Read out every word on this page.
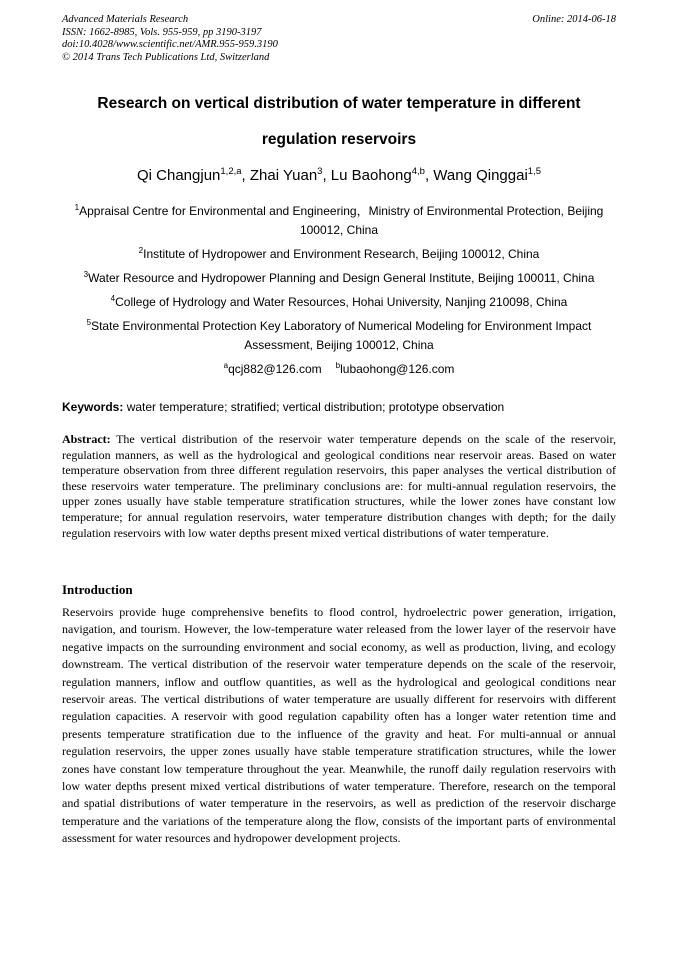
Advanced Materials Research
ISSN: 1662-8985, Vols. 955-959, pp 3190-3197
doi:10.4028/www.scientific.net/AMR.955-959.3190
© 2014 Trans Tech Publications Ltd, Switzerland
Online: 2014-06-18
Research on vertical distribution of water temperature in different regulation reservoirs
Qi Changjun$^{1,2,a}$, Zhai Yuan$^3$, Lu Baohong$^{4,b}$, Wang Qinggai$^{1,5}$
$^1$Appraisal Centre for Environmental and Engineering，Ministry of Environmental Protection, Beijing 100012, China
$^2$Institute of Hydropower and Environment Research, Beijing 100012, China
$^3$Water Resource and Hydropower Planning and Design General Institute, Beijing 100011, China
$^4$College of Hydrology and Water Resources, Hohai University, Nanjing 210098, China
$^5$State Environmental Protection Key Laboratory of Numerical Modeling for Environment Impact Assessment, Beijing 100012, China
$^a$qcj882@126.com $^b$lubaohong@126.com
Keywords: water temperature; stratified; vertical distribution; prototype observation
Abstract: The vertical distribution of the reservoir water temperature depends on the scale of the reservoir, regulation manners, as well as the hydrological and geological conditions near reservoir areas. Based on water temperature observation from three different regulation reservoirs, this paper analyses the vertical distribution of these reservoirs water temperature. The preliminary conclusions are: for multi-annual regulation reservoirs, the upper zones usually have stable temperature stratification structures, while the lower zones have constant low temperature; for annual regulation reservoirs, water temperature distribution changes with depth; for the daily regulation reservoirs with low water depths present mixed vertical distributions of water temperature.
Introduction
Reservoirs provide huge comprehensive benefits to flood control, hydroelectric power generation, irrigation, navigation, and tourism. However, the low-temperature water released from the lower layer of the reservoir have negative impacts on the surrounding environment and social economy, as well as production, living, and ecology downstream. The vertical distribution of the reservoir water temperature depends on the scale of the reservoir, regulation manners, inflow and outflow quantities, as well as the hydrological and geological conditions near reservoir areas. The vertical distributions of water temperature are usually different for reservoirs with different regulation capacities. A reservoir with good regulation capability often has a longer water retention time and presents temperature stratification due to the influence of the gravity and heat. For multi-annual or annual regulation reservoirs, the upper zones usually have stable temperature stratification structures, while the lower zones have constant low temperature throughout the year. Meanwhile, the runoff daily regulation reservoirs with low water depths present mixed vertical distributions of water temperature. Therefore, research on the temporal and spatial distributions of water temperature in the reservoirs, as well as prediction of the reservoir discharge temperature and the variations of the temperature along the flow, consists of the important parts of environmental assessment for water resources and hydropower development projects.
